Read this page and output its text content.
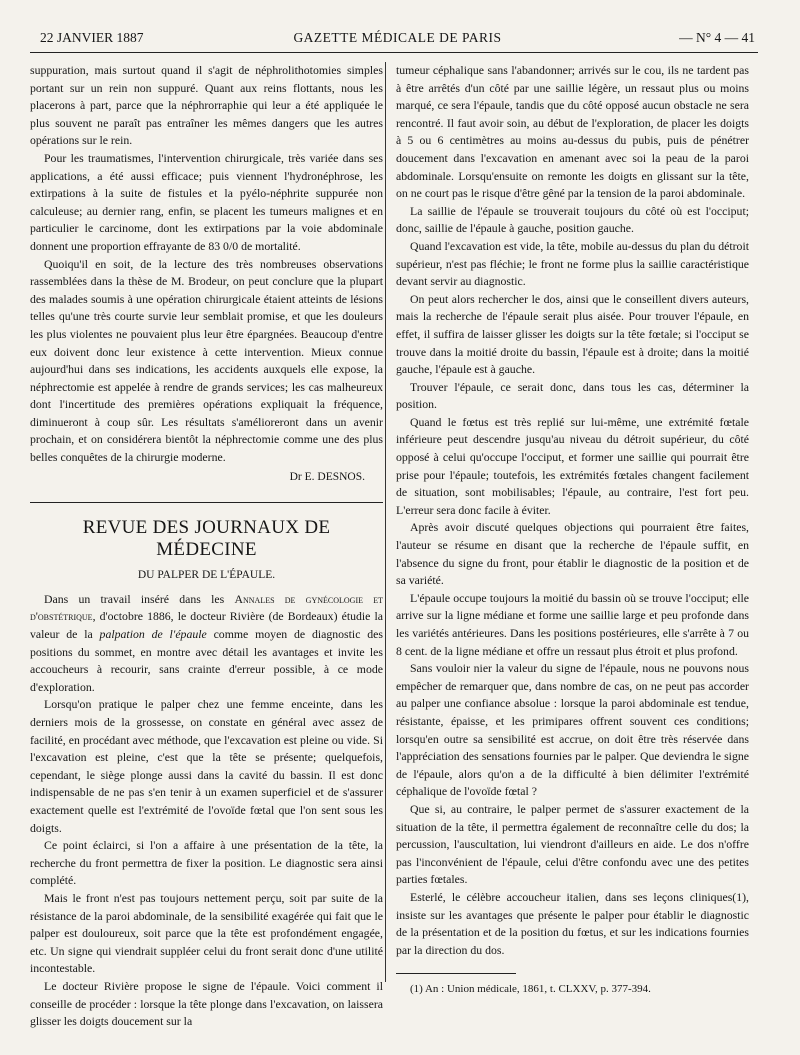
22 JANVIER 1887	GAZETTE MÉDICALE DE PARIS	— N° 4 — 41

suppuration, mais surtout quand il s'agit de néphrolithotomies simples portant sur un rein non suppuré. Quant aux reins flottants, nous les placerons à part, parce que la néphrorraphie qui leur a été appliquée le plus souvent ne paraît pas entraîner les mêmes dangers que les autres opérations sur le rein.

Pour les traumatismes, l'intervention chirurgicale, très variée dans ses applications, a été aussi efficace; puis viennent l'hydronéphrose, les extirpations à la suite de fistules et la pyélo-néphrite suppurée non calculeuse; au dernier rang, enfin, se placent les tumeurs malignes et en particulier le carcinome, dont les extirpations par la voie abdominale donnent une proportion effrayante de 83 0/0 de mortalité.

Quoiqu'il en soit, de la lecture des très nombreuses observations rassemblées dans la thèse de M. Brodeur, on peut conclure que la plupart des malades soumis à une opération chirurgicale étaient atteints de lésions telles qu'une très courte survie leur semblait promise, et que les douleurs les plus violentes ne pouvaient plus leur être épargnées. Beaucoup d'entre eux doivent donc leur existence à cette intervention. Mieux connue aujourd'hui dans ses indications, les accidents auxquels elle expose, la néphrectomie est appelée à rendre de grands services; les cas malheureux dont l'incertitude des premières opérations expliquait la fréquence, diminueront à coup sûr. Les résultats s'amélioreront dans un avenir prochain, et on considérera bientôt la néphrectomie comme une des plus belles conquêtes de la chirurgie moderne.

Dr E. DESNOS.
REVUE DES JOURNAUX DE MÉDECINE
DU PALPER DE L'ÉPAULE.

Dans un travail inséré dans les Annales de gynécologie et d'obstétrique, d'octobre 1886, le docteur Rivière (de Bordeaux) étudie la valeur de la palpation de l'épaule comme moyen de diagnostic des positions du sommet, en montre avec détail les avantages et invite les accoucheurs à recourir, sans crainte d'erreur possible, à ce mode d'exploration.

Lorsqu'on pratique le palper chez une femme enceinte, dans les derniers mois de la grossesse, on constate en général avec assez de facilité, en procédant avec méthode, que l'excavation est pleine ou vide. Si l'excavation est pleine, c'est que la tête se présente; quelquefois, cependant, le siège plonge aussi dans la cavité du bassin. Il est donc indispensable de ne pas s'en tenir à un examen superficiel et de s'assurer exactement quelle est l'extrémité de l'ovoïde fœtal que l'on sent sous les doigts.

Ce point éclairci, si l'on a affaire à une présentation de la tête, la recherche du front permettra de fixer la position. Le diagnostic sera ainsi complété.

Mais le front n'est pas toujours nettement perçu, soit par suite de la résistance de la paroi abdominale, de la sensibilité exagérée qui fait que le palper est douloureux, soit parce que la tête est profondément engagée, etc. Un signe qui viendrait suppléer celui du front serait donc d'une utilité incontestable.

Le docteur Rivière propose le signe de l'épaule. Voici comment il conseille de procéder : lorsque la tête plonge dans l'excavation, on laissera glisser les doigts doucement sur la

tumeur céphalique sans l'abandonner; arrivés sur le cou, ils ne tardent pas à être arrêtés d'un côté par une saillie légère, un ressaut plus ou moins marqué, ce sera l'épaule, tandis que du côté opposé aucun obstacle ne sera rencontré. Il faut avoir soin, au début de l'exploration, de placer les doigts à 5 ou 6 centimètres au moins au-dessus du pubis, puis de pénétrer doucement dans l'excavation en amenant avec soi la peau de la paroi abdominale. Lorsqu'ensuite on remonte les doigts en glissant sur la tête, on ne court pas le risque d'être gêné par la tension de la paroi abdominale.

La saillie de l'épaule se trouverait toujours du côté où est l'occiput; donc, saillie de l'épaule à gauche, position gauche.

Quand l'excavation est vide, la tête, mobile au-dessus du plan du détroit supérieur, n'est pas fléchie; le front ne forme plus la saillie caractéristique devant servir au diagnostic.

On peut alors rechercher le dos, ainsi que le conseillent divers auteurs, mais la recherche de l'épaule serait plus aisée. Pour trouver l'épaule, en effet, il suffira de laisser glisser les doigts sur la tête fœtale; si l'occiput se trouve dans la moitié droite du bassin, l'épaule est à droite; dans la moitié gauche, l'épaule est à gauche.

Trouver l'épaule, ce serait donc, dans tous les cas, déterminer la position.

Quand le fœtus est très replié sur lui-même, une extrémité fœtale inférieure peut descendre jusqu'au niveau du détroit supérieur, du côté opposé à celui qu'occupe l'occiput, et former une saillie qui pourrait être prise pour l'épaule; toutefois, les extrémités fœtales changent facilement de situation, sont mobilisables; l'épaule, au contraire, l'est fort peu. L'erreur sera donc facile à éviter.

Après avoir discuté quelques objections qui pourraient être faites, l'auteur se résume en disant que la recherche de l'épaule suffit, en l'absence du signe du front, pour établir le diagnostic de la position et de sa variété.

L'épaule occupe toujours la moitié du bassin où se trouve l'occiput; elle arrive sur la ligne médiane et forme une saillie large et peu profonde dans les variétés antérieures. Dans les positions postérieures, elle s'arrête à 7 ou 8 cent. de la ligne médiane et offre un ressaut plus étroit et plus profond.

Sans vouloir nier la valeur du signe de l'épaule, nous ne pouvons nous empêcher de remarquer que, dans nombre de cas, on ne peut pas accorder au palper une confiance absolue : lorsque la paroi abdominale est tendue, résistante, épaisse, et les primipares offrent souvent ces conditions; lorsqu'en outre sa sensibilité est accrue, on doit être très réservée dans l'appréciation des sensations fournies par le palper. Que deviendra le signe de l'épaule, alors qu'on a de la difficulté à bien délimiter l'extrémité céphalique de l'ovoïde fœtal ?

Que si, au contraire, le palper permet de s'assurer exactement de la situation de la tête, il permettra également de reconnaître celle du dos; la percussion, l'auscultation, lui viendront d'ailleurs en aide. Le dos n'offre pas l'inconvénient de l'épaule, celui d'être confondu avec une des petites parties fœtales.

Esterlé, le célèbre accoucheur italien, dans ses leçons cliniques(1), insiste sur les avantages que présente le palper pour établir le diagnostic de la présentation et de la position du fœtus, et sur les indications fournies par la direction du dos.

(1) An : Union médicale, 1861, t. CLXXV, p. 377-394.
